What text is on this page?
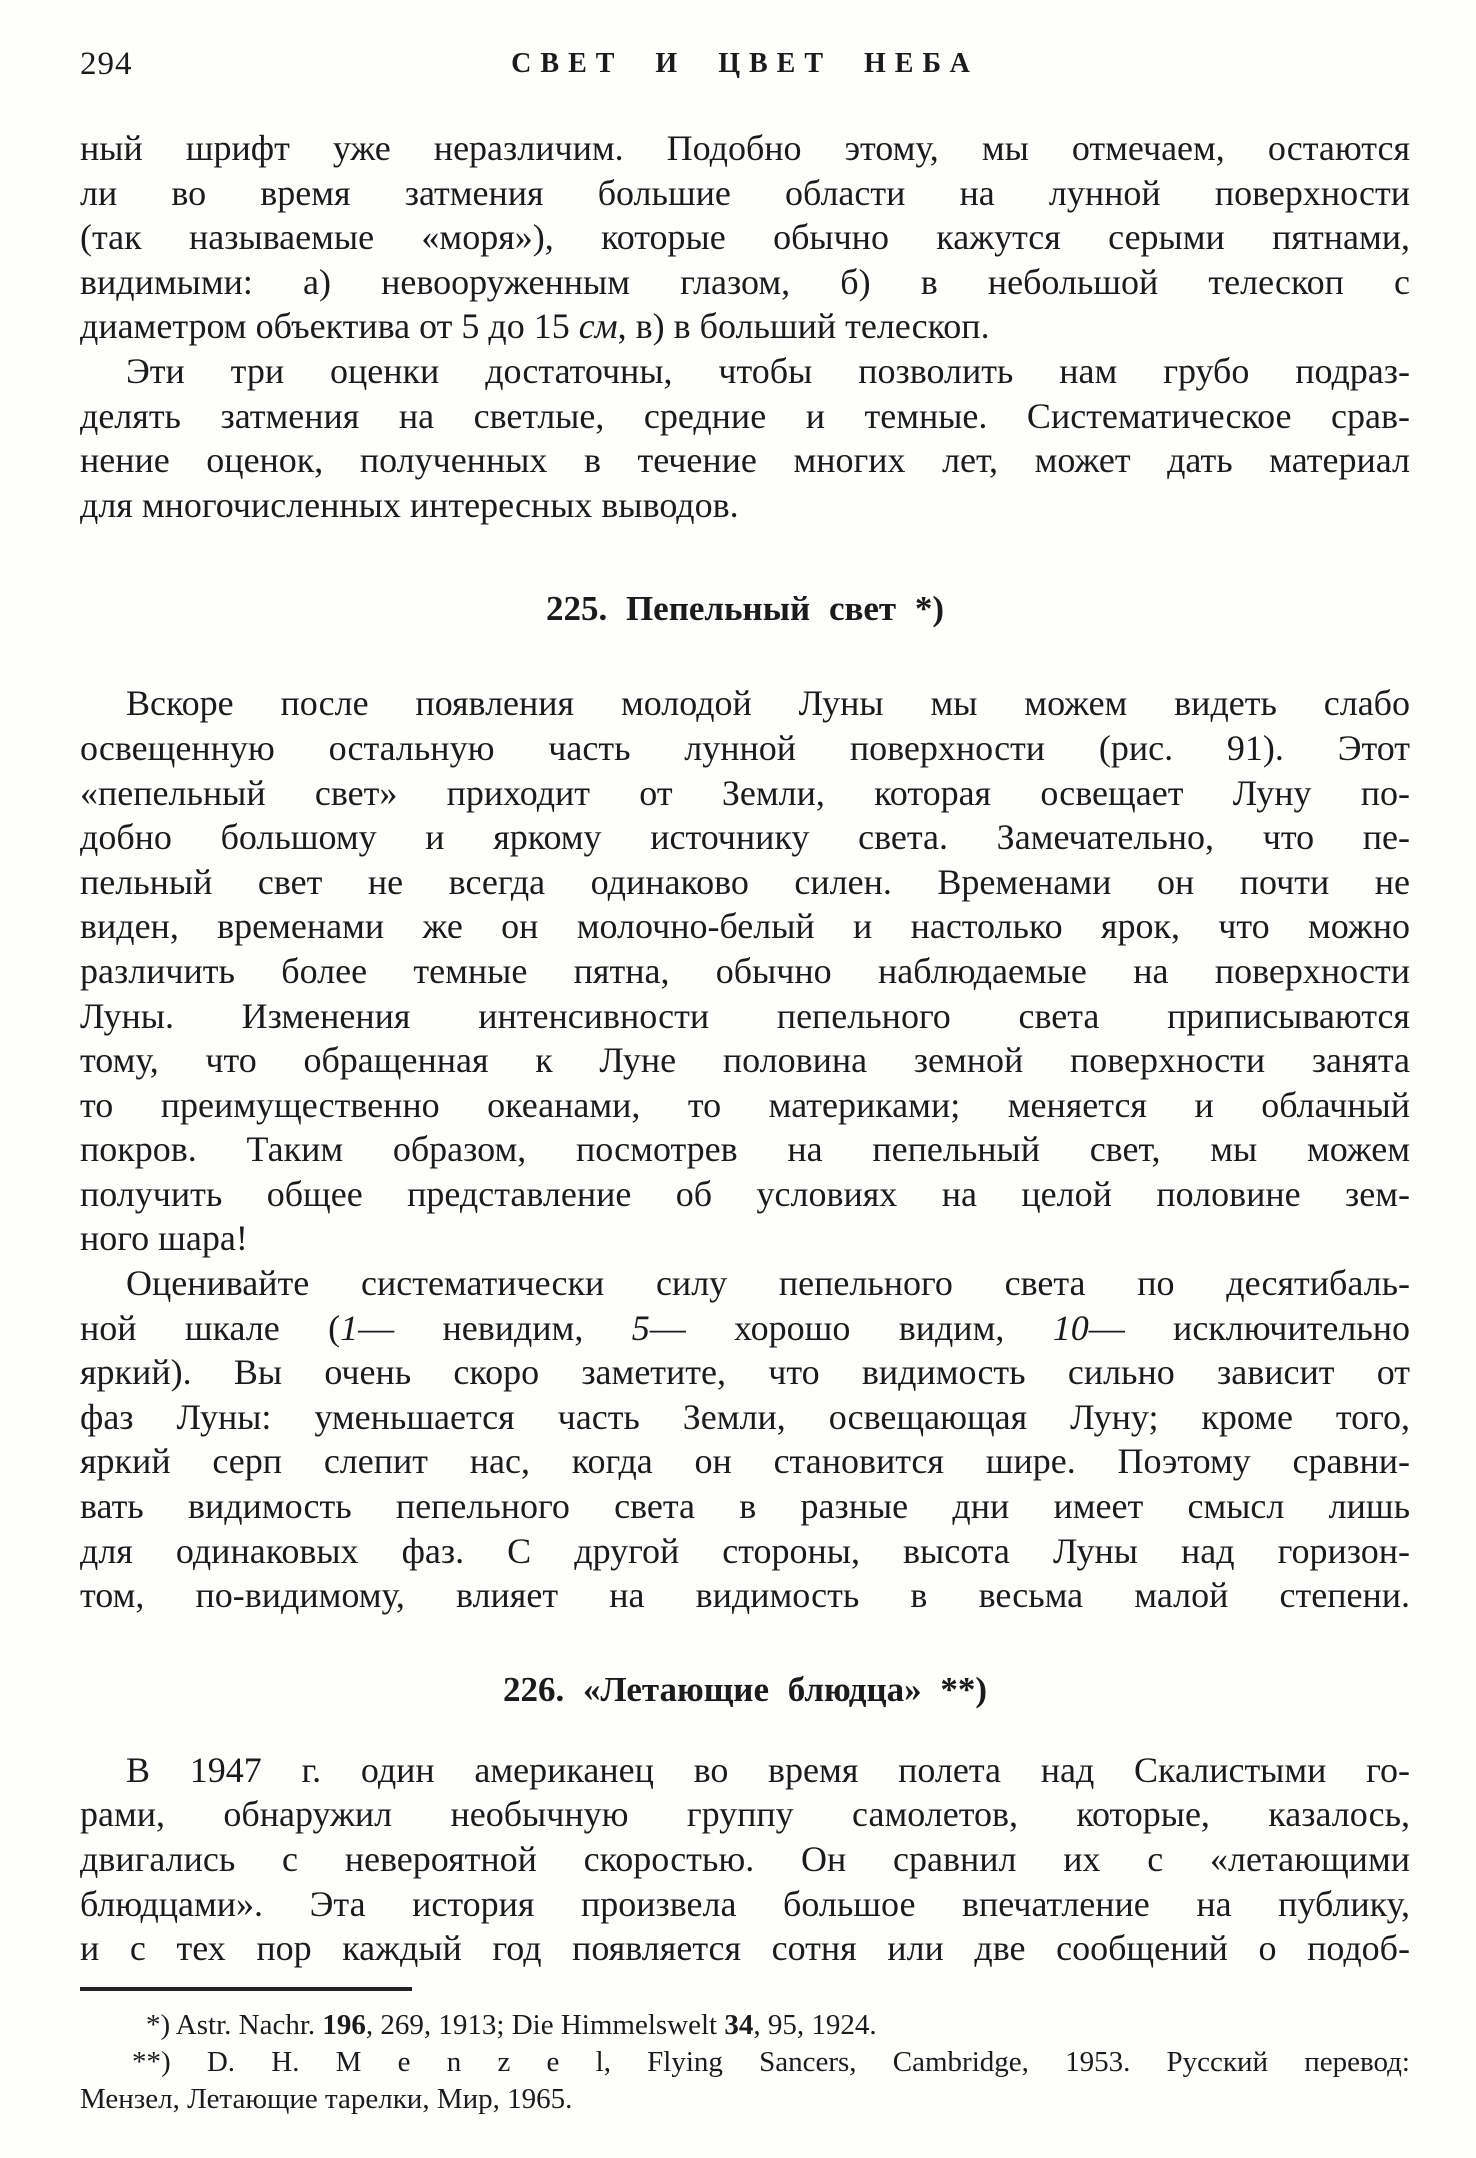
294	СВЕТ И ЦВЕТ НЕБА
ный шрифт уже неразличим. Подобно этому, мы отмечаем, остаются
ли во время затмения большие области на лунной поверхности
(так называемые «моря»), которые обычно кажутся серыми пятнами,
видимыми: а) невооруженным глазом, б) в небольшой телескоп с
диаметром объектива от 5 до 15 см, в) в больший телескоп.
Эти три оценки достаточны, чтобы позволить нам грубо подраз-
делять затмения на светлые, средние и темные. Систематическое срав-
нение оценок, полученных в течение многих лет, может дать материал
для многочисленных интересных выводов.
225. Пепельный свет *)
Вскоре после появления молодой Луны мы можем видеть слабо
освещенную остальную часть лунной поверхности (рис. 91). Этот
«пепельный свет» приходит от Земли, которая освещает Луну по-
добно большому и яркому источнику света. Замечательно, что пе-
пельный свет не всегда одинаково силен. Временами он почти не
виден, временами же он молочно-белый и настолько ярок, что можно
различить более темные пятна, обычно наблюдаемые на поверхности
Луны. Изменения интенсивности пепельного света приписываются
тому, что обращенная к Луне половина земной поверхности занята
то преимущественно океанами, то материками; меняется и облачный
покров. Таким образом, посмотрев на пепельный свет, мы можем
получить общее представление об условиях на целой половине зем-
ного шара!
Оценивайте систематически силу пепельного света по десятибаль-
ной шкале (1— невидим, 5— хорошо видим, 10— исключительно
яркий). Вы очень скоро заметите, что видимость сильно зависит от
фаз Луны: уменьшается часть Земли, освещающая Луну; кроме того,
яркий серп слепит нас, когда он становится шире. Поэтому сравни-
вать видимость пепельного света в разные дни имеет смысл лишь
для одинаковых фаз. С другой стороны, высота Луны над горизон-
том, по-видимому, влияет на видимость в весьма малой степени.
226. «Летающие блюдца» **)
В 1947 г. один американец во время полета над Скалистыми го-
рами, обнаружил необычную группу самолетов, которые, казалось,
двигались с невероятной скоростью. Он сравнил их с «летающими
блюдцами». Эта история произвела большое впечатление на публику,
и с тех пор каждый год появляется сотня или две сообщений о подоб-
*) Astr. Nachr. 196, 269, 1913; Die Himmelswelt 34, 95, 1924.
**) D. H. M e n z e l, Flying Sancers, Cambridge, 1953. Русский перевод:
Мензел, Летающие тарелки, Мир, 1965.
